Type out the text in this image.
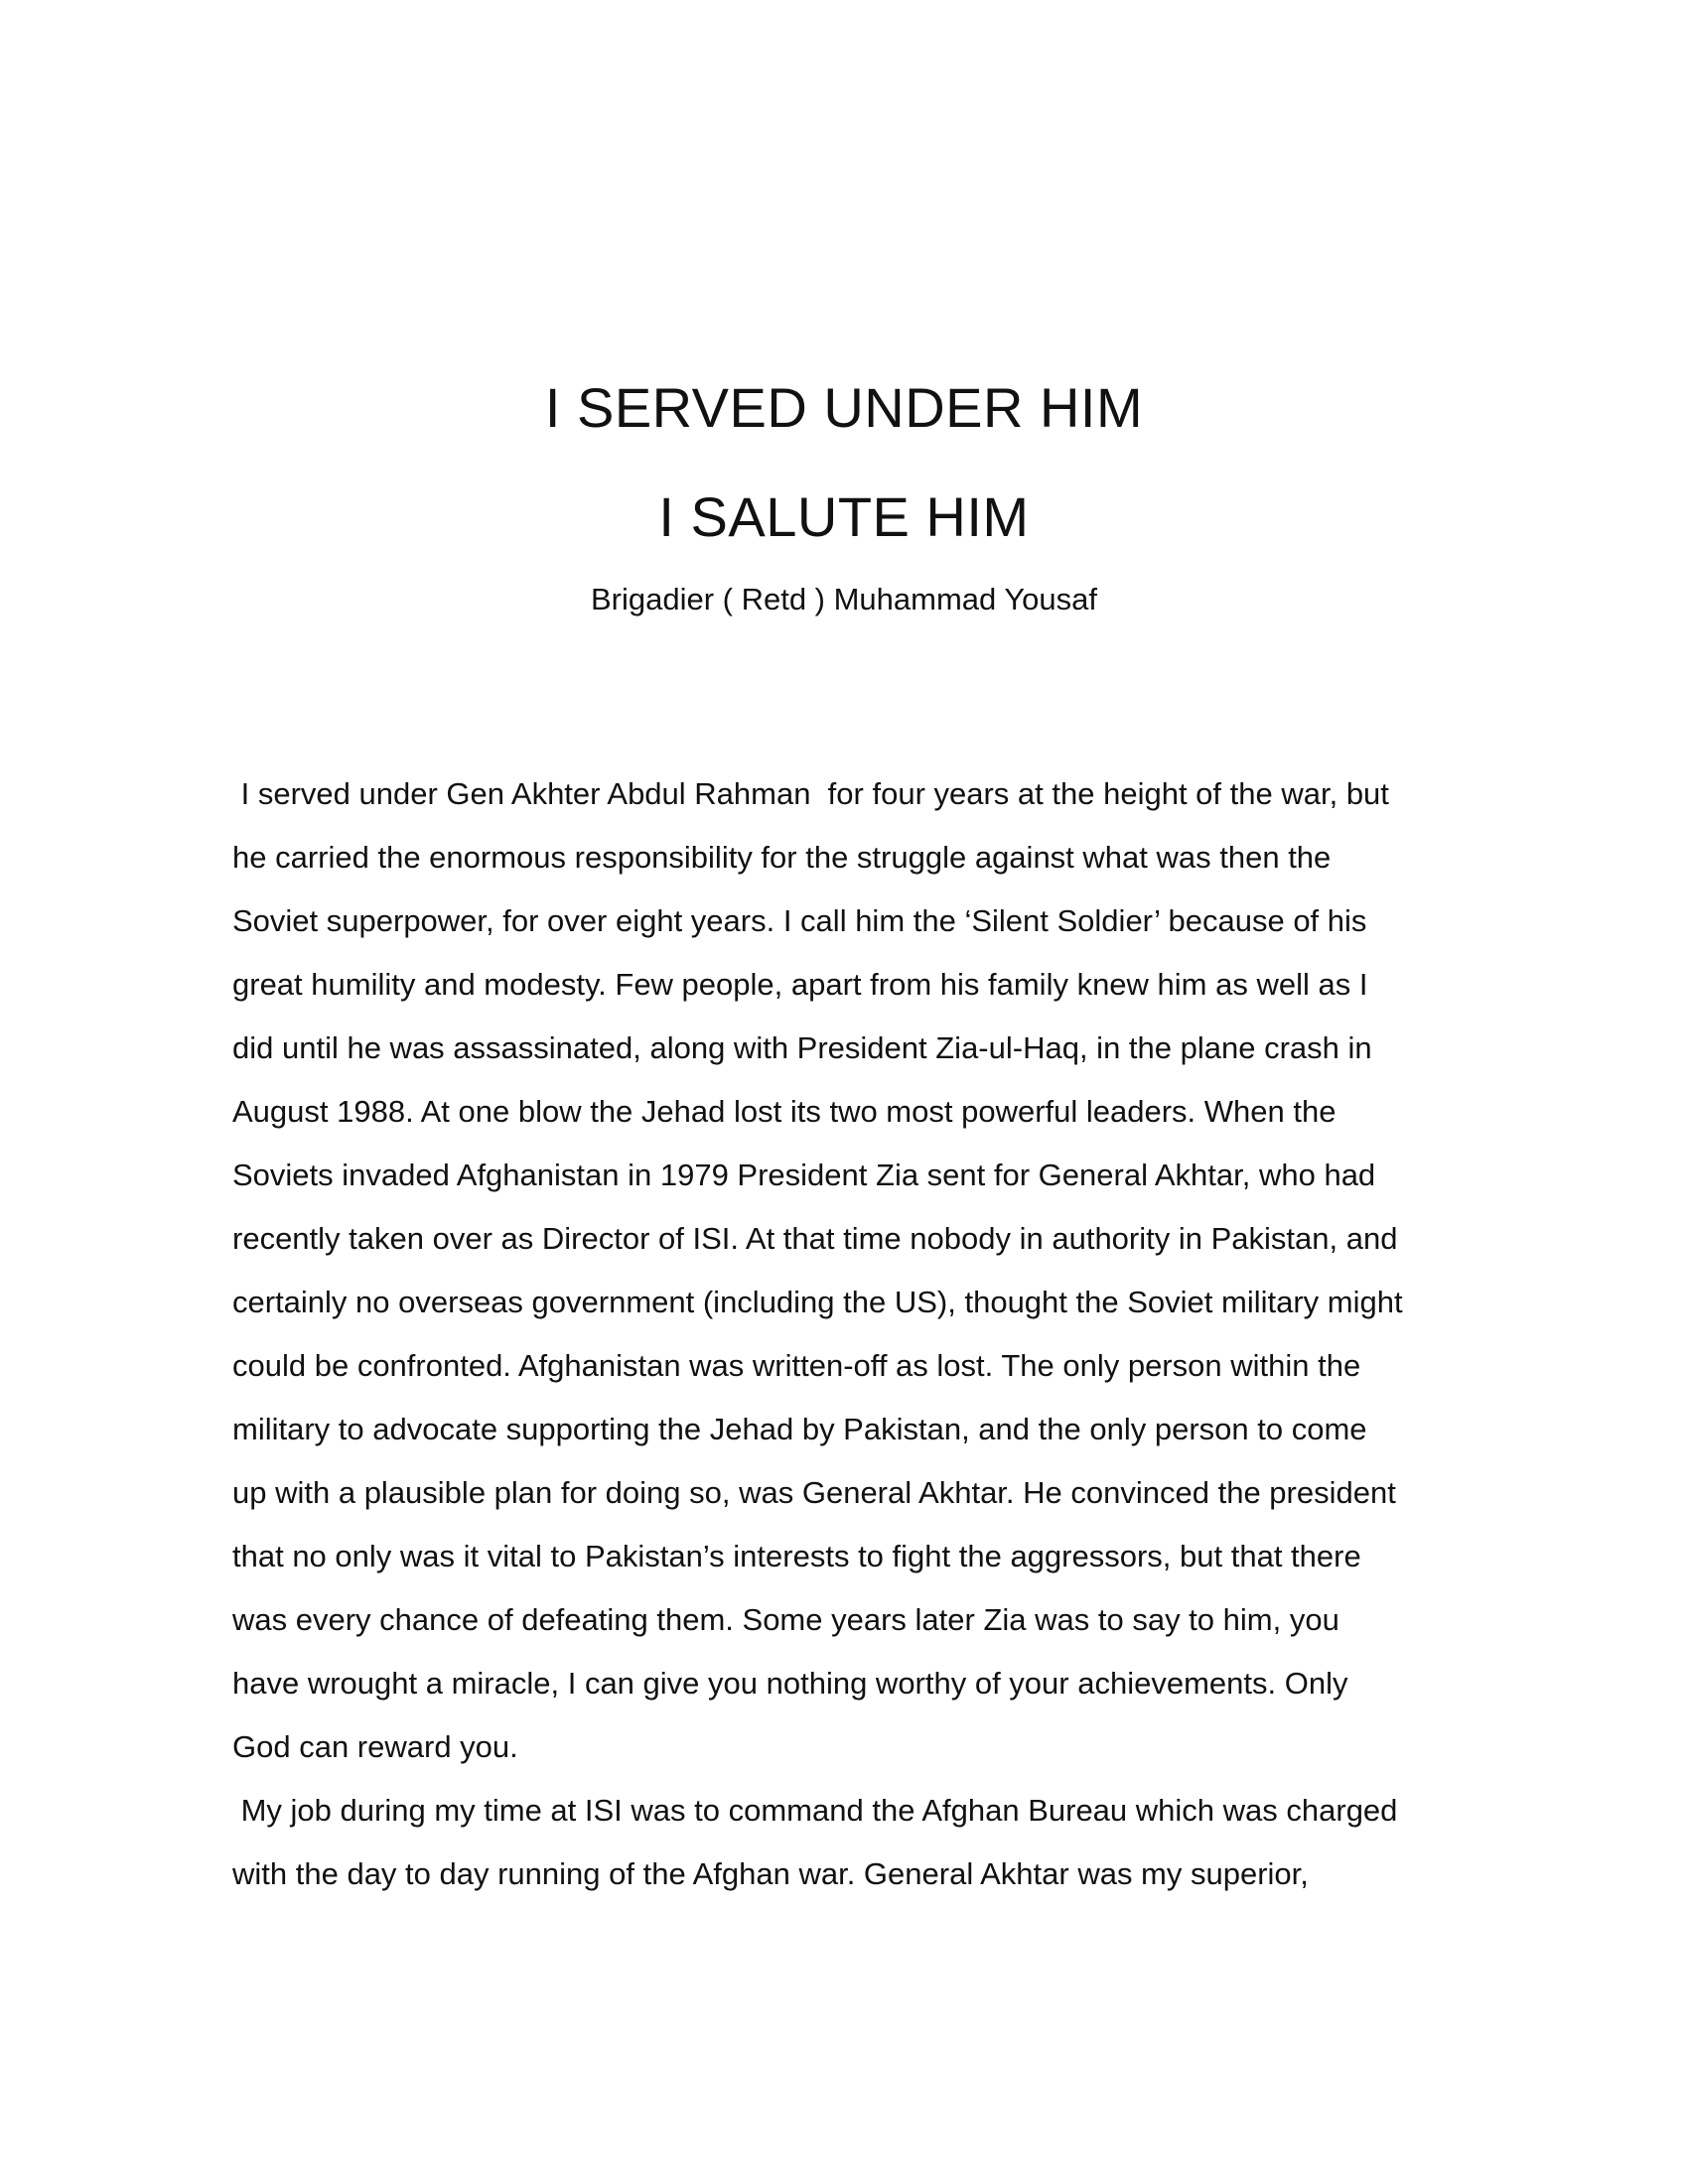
I SERVED UNDER HIM
I SALUTE HIM

Brigadier ( Retd ) Muhammad Yousaf

I served under Gen Akhter Abdul Rahman  for four years at the height of the war, but
he carried the enormous responsibility for the struggle against what was then the
Soviet superpower, for over eight years. I call him the ‘Silent Soldier’ because of his
great humility and modesty. Few people, apart from his family knew him as well as I
did until he was assassinated, along with President Zia-ul-Haq, in the plane crash in
August 1988. At one blow the Jehad lost its two most powerful leaders. When the
Soviets invaded Afghanistan in 1979 President Zia sent for General Akhtar, who had
recently taken over as Director of ISI. At that time nobody in authority in Pakistan, and
certainly no overseas government (including the US), thought the Soviet military might
could be confronted. Afghanistan was written-off as lost. The only person within the
military to advocate supporting the Jehad by Pakistan, and the only person to come
up with a plausible plan for doing so, was General Akhtar. He convinced the president
that no only was it vital to Pakistan’s interests to fight the aggressors, but that there
was every chance of defeating them. Some years later Zia was to say to him, you
have wrought a miracle, I can give you nothing worthy of your achievements. Only
God can reward you.
My job during my time at ISI was to command the Afghan Bureau which was charged
with the day to day running of the Afghan war. General Akhtar was my superior,
